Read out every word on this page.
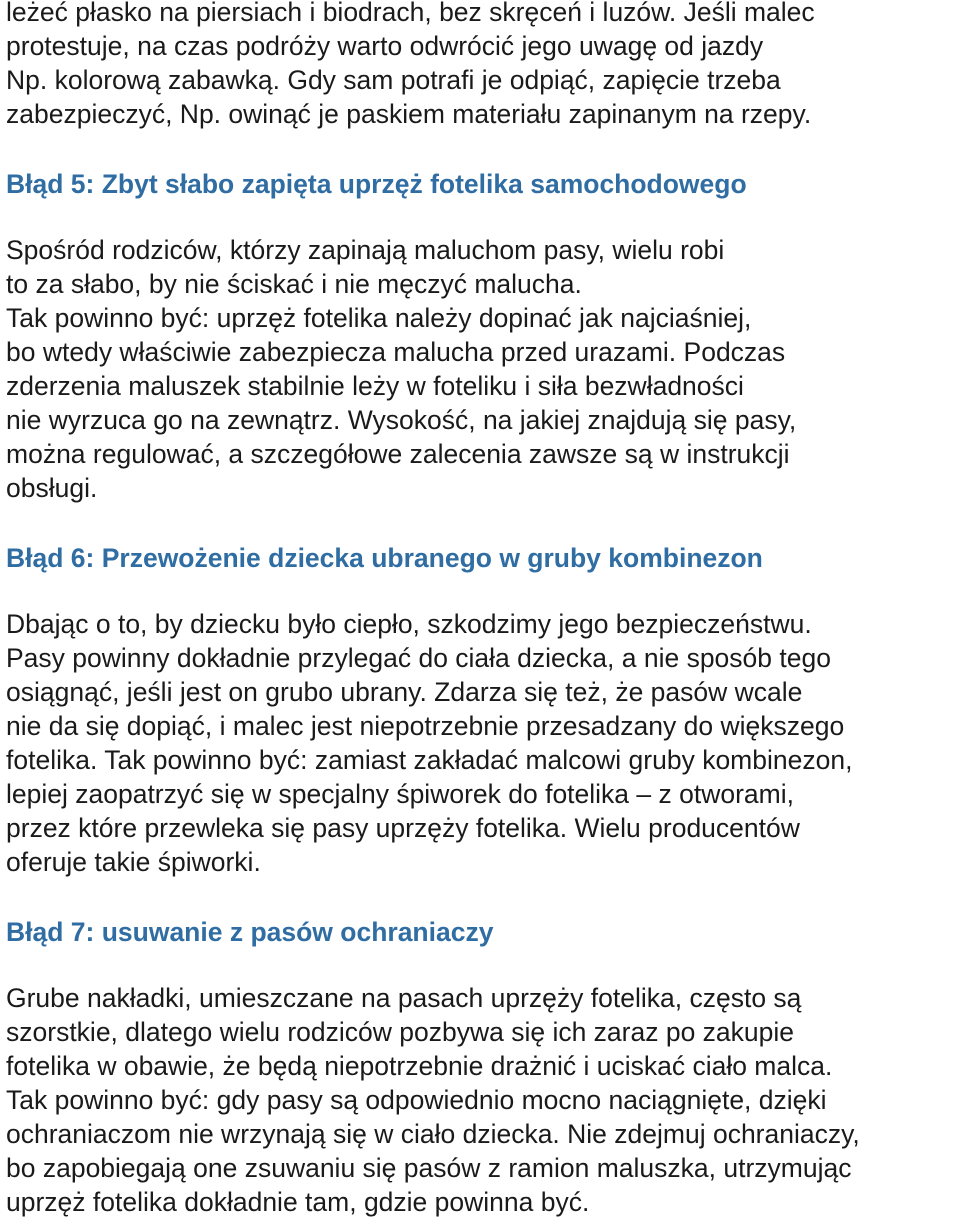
leżeć płasko na piersiach i biodrach, bez skręceń i luzów. Jeśli malec
protestuje, na czas podróży warto odwrócić jego uwagę od jazdy
Np. kolorową zabawką. Gdy sam potrafi je odpiąć, zapięcie trzeba
zabezpieczyć, Np. owinąć je paskiem materiału zapinanym na rzepy.

Błąd 5: Zbyt słabo zapięta uprzęż fotelika samochodowego

Spośród rodziców, którzy zapinają maluchom pasy, wielu robi
to za słabo, by nie ściskać i nie męczyć malucha.
Tak powinno być: uprzęż fotelika należy dopinać jak najciaśniej,
bo wtedy właściwie zabezpiecza malucha przed urazami. Podczas
zderzenia maluszek stabilnie leży w foteliku i siła bezwładności
nie wyrzuca go na zewnątrz. Wysokość, na jakiej znajdują się pasy,
można regulować, a szczegółowe zalecenia zawsze są w instrukcji
obsługi.

Błąd 6: Przewożenie dziecka ubranego w gruby kombinezon

Dbając o to, by dziecku było ciepło, szkodzimy jego bezpieczeństwu.
Pasy powinny dokładnie przylegać do ciała dziecka, a nie sposób tego
osiągnąć, jeśli jest on grubo ubrany. Zdarza się też, że pasów wcale
nie da się dopiąć, i malec jest niepotrzebnie przesadzany do większego
fotelika. Tak powinno być: zamiast zakładać malcowi gruby kombinezon,
lepiej zaopatrzyć się w specjalny śpiworek do fotelika – z otworami,
przez które przewleka się pasy uprzęży fotelika. Wielu producentów
oferuje takie śpiworki.

Błąd 7: usuwanie z pasów ochraniaczy

Grube nakładki, umieszczane na pasach uprzęży fotelika, często są
szorstkie, dlatego wielu rodziców pozbywa się ich zaraz po zakupie
fotelika w obawie, że będą niepotrzebnie drażnić i uciskać ciało malca.
Tak powinno być: gdy pasy są odpowiednio mocno naciągnięte, dzięki
ochraniaczom nie wrzynają się w ciało dziecka. Nie zdejmuj ochraniaczy,
bo zapobiegają one zsuwaniu się pasów z ramion maluszka, utrzymując
uprzęż fotelika dokładnie tam, gdzie powinna być.
